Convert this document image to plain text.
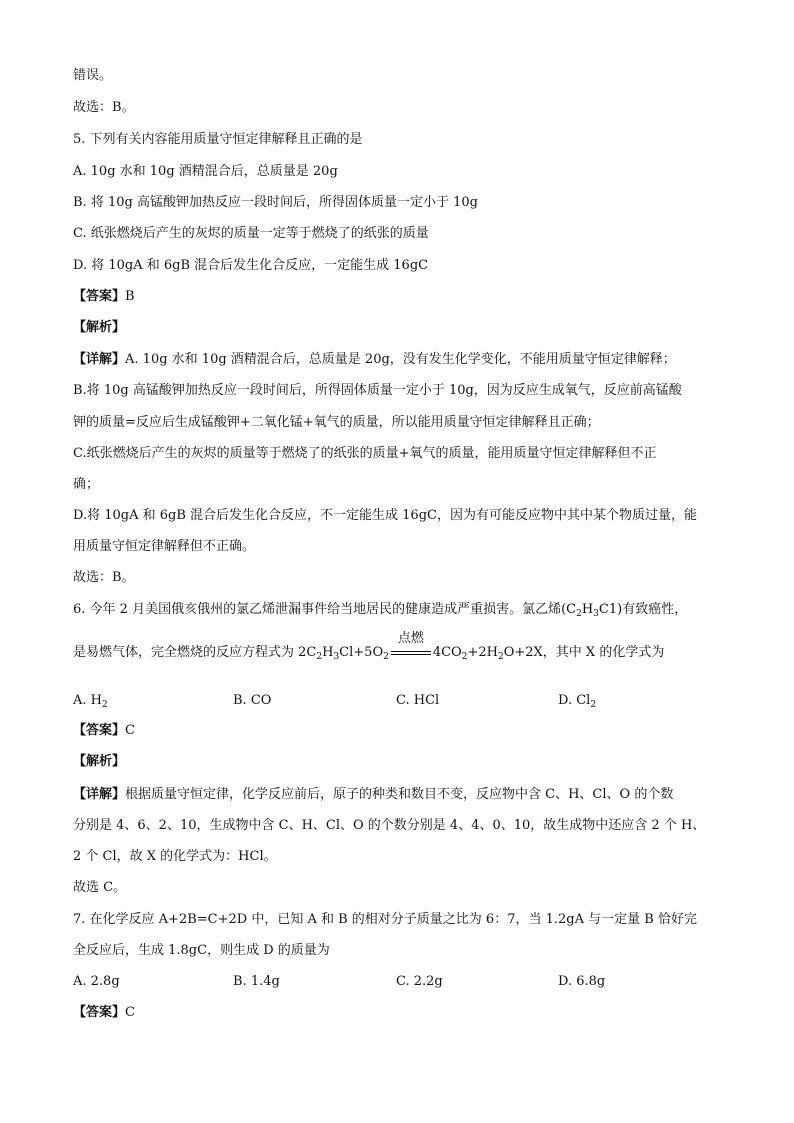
错误。
故选：B。
5. 下列有关内容能用质量守恒定律解释且正确的是
A. 10g 水和 10g 酒精混合后，总质量是 20g
B. 将 10g 高锰酸钾加热反应一段时间后，所得固体质量一定小于 10g
C. 纸张燃烧后产生的灰烬的质量一定等于燃烧了的纸张的质量
D. 将 10gA 和 6gB 混合后发生化合反应，一定能生成 16gC
【答案】B
【解析】
【详解】A. 10g 水和 10g 酒精混合后，总质量是 20g，没有发生化学变化，不能用质量守恒定律解释；
B.将 10g 高锰酸钾加热反应一段时间后，所得固体质量一定小于 10g，因为反应生成氧气，反应前高锰酸
钾的质量=反应后生成锰酸钾+二氧化锰+氧气的质量，所以能用质量守恒定律解释且正确；
C.纸张燃烧后产生的灰烬的质量等于燃烧了的纸张的质量+氧气的质量，能用质量守恒定律解释但不正
确；
D.将 10gA 和 6gB 混合后发生化合反应，不一定能生成 16gC，因为有可能反应物中其中某个物质过量，能
用质量守恒定律解释但不正确。
故选：B。
6. 今年 2 月美国俄亥俄州的氯乙烯泄漏事件给当地居民的健康造成严重损害。氯乙烯$(C_2H_3C1)$有致癌性，
是易燃气体，完全燃烧的反应方程式为 $2C_2H_3Cl+5O_2$
点燃
$4CO_2+2H_2O+2X$，其中 X 的化学式为
A. $H_2$	B. CO	C. HCl	D. $Cl_2$
【答案】C
【解析】
【详解】根据质量守恒定律，化学反应前后，原子的种类和数目不变，反应物中含 C、H、Cl、O 的个数
分别是 4、6、2、10，生成物中含 C、H、Cl、O 的个数分别是 4、4、0、10，故生成物中还应含 2 个 H、
2 个 Cl，故 X 的化学式为：HCl。
故选 C。
7. 在化学反应 A+2B=C+2D 中，已知 A 和 B 的相对分子质量之比为 6：7，当 1.2gA 与一定量 B 恰好完
全反应后，生成 1.8gC，则生成 D 的质量为
A. 2.8g	B. 1.4g	C. 2.2g	D. 6.8g
【答案】C
